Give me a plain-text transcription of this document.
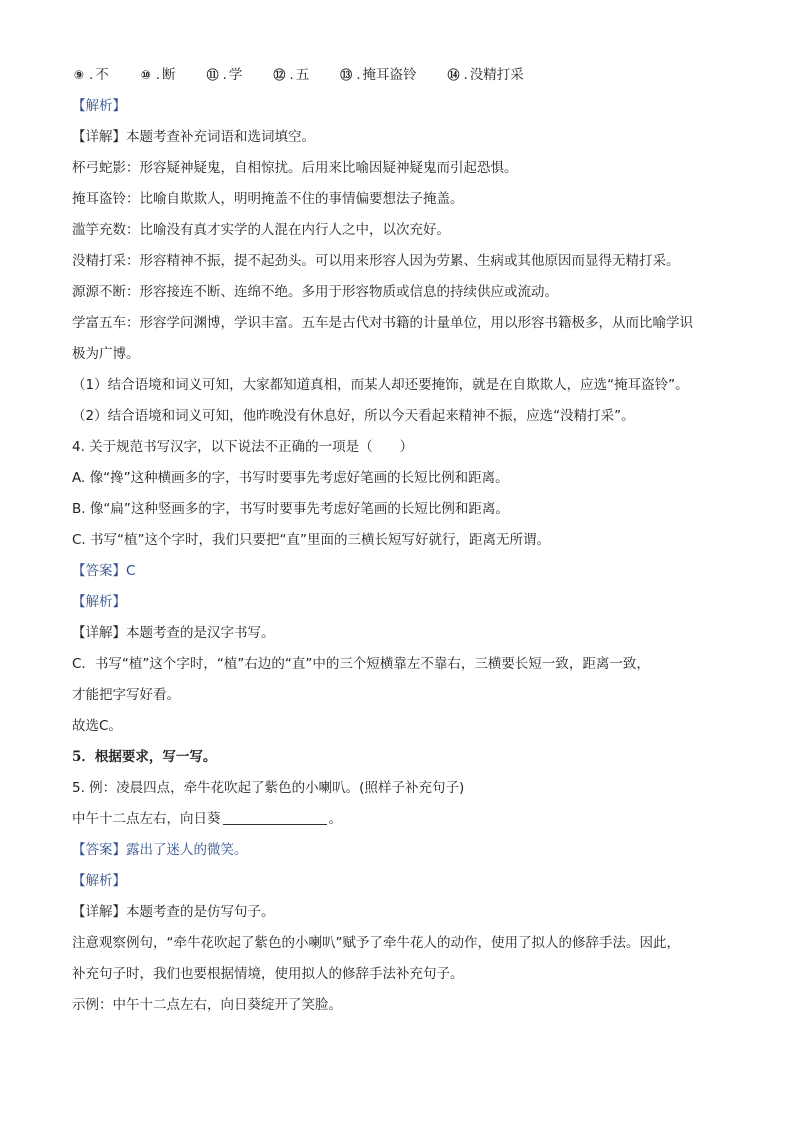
⑨ . 不	⑩ . 断	⑪ . 学	⑫ . 五	⑬ . 掩耳盗铃	⑭ . 没精打采
【解析】
【详解】本题考查补充词语和选词填空。
杯弓蛇影：形容疑神疑鬼，自相惊扰。后用来比喻因疑神疑鬼而引起恐惧。
掩耳盗铃：比喻自欺欺人，明明掩盖不住的事情偏要想法子掩盖。
滥竽充数：比喻没有真才实学的人混在内行人之中，以次充好。
没精打采：形容精神不振，提不起劲头。可以用来形容人因为劳累、生病或其他原因而显得无精打采。
源源不断：形容接连不断、连绵不绝。多用于形容物质或信息的持续供应或流动。
学富五车：形容学问渊博，学识丰富。五车是古代对书籍的计量单位，用以形容书籍极多，从而比喻学识
极为广博。
（1）结合语境和词义可知，大家都知道真相，而某人却还要掩饰，就是在自欺欺人，应选“掩耳盗铃”。
（2）结合语境和词义可知，他昨晚没有休息好，所以今天看起来精神不振，应选“没精打采”。
4. 关于规范书写汉字，以下说法不正确的一项是（　　）
A. 像“搀”这种横画多的字，书写时要事先考虑好笔画的长短比例和距离。
B. 像“扁”这种竖画多的字，书写时要事先考虑好笔画的长短比例和距离。
C. 书写“植”这个字时，我们只要把“直”里面的三横长短写好就行，距离无所谓。
【答案】C
【解析】
【详解】本题考查的是汉字书写。
C．书写“植”这个字时，“植”右边的“直”中的三个短横靠左不靠右，三横要长短一致，距离一致，
才能把字写好看。
故选C。
5．根据要求，写一写。
5. 例：凌晨四点，牵牛花吹起了紫色的小喇叭。(照样子补充句子)
中午十二点左右，向日葵	。
【答案】露出了迷人的微笑。
【解析】
【详解】本题考查的是仿写句子。
注意观察例句，“牵牛花吹起了紫色的小喇叭”赋予了牵牛花人的动作，使用了拟人的修辞手法。因此，
补充句子时，我们也要根据情境，使用拟人的修辞手法补充句子。
示例：中午十二点左右，向日葵绽开了笑脸。
